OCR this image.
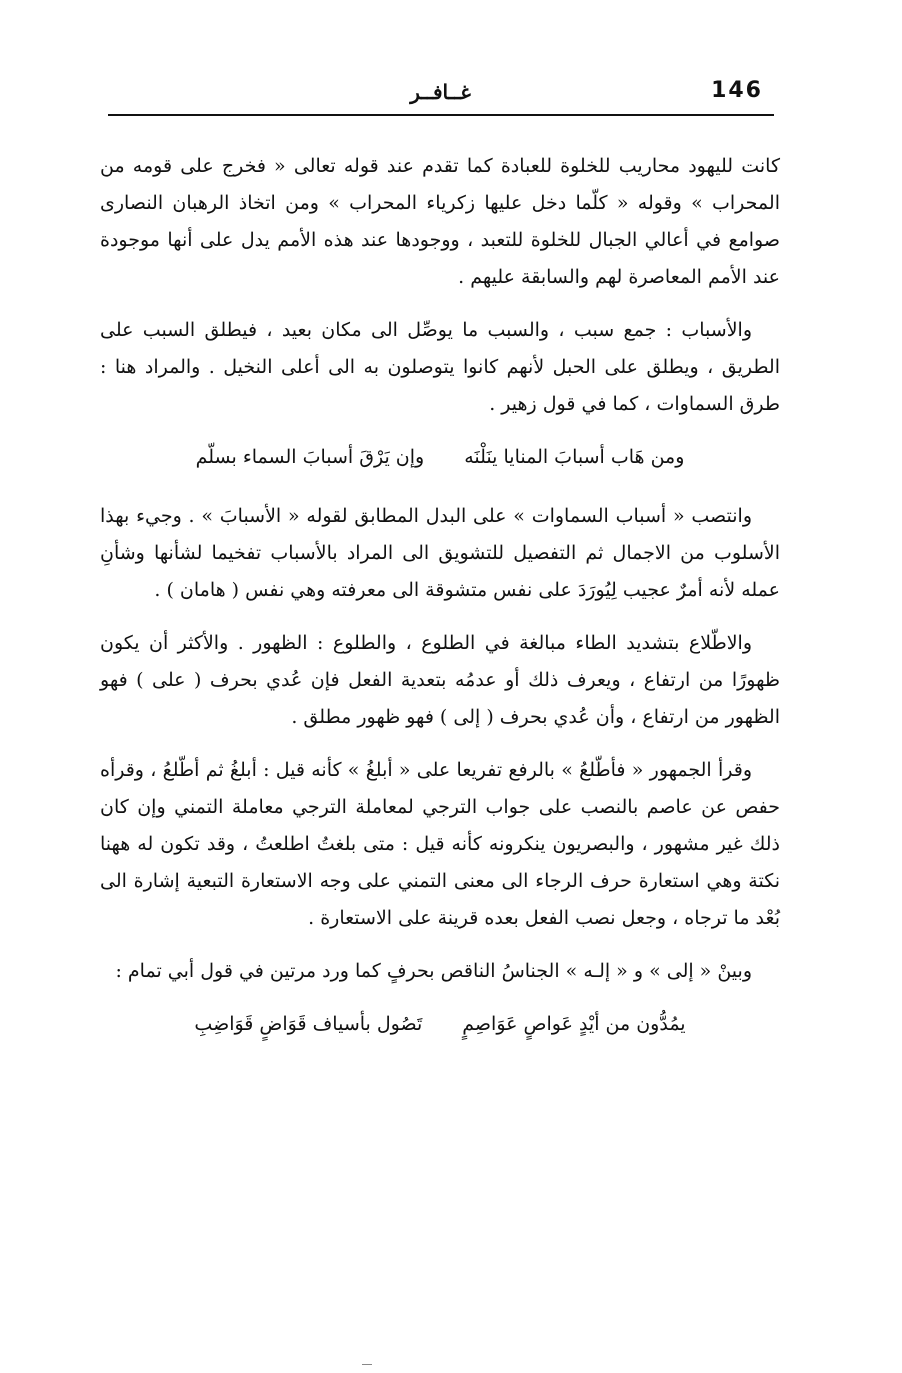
146
غــافــر

كانت لليهود محاريب للخلوة للعبادة كما تقدم عند قوله تعالى « فخرج على قومه من المحراب » وقوله « كلّما دخل عليها زكرياء المحراب » ومن اتخاذ الرهبان النصارى صوامع في أعالي الجبال للخلوة للتعبد ، ووجودها عند هذه الأمم يدل على أنها موجودة عند الأمم المعاصرة لهم والسابقة عليهم .

والأسباب : جمع سبب ، والسبب ما يوصِّل الى مكان بعيد ، فيطلق السبب على الطريق ، ويطلق على الحبل لأنهم كانوا يتوصلون به الى أعلى النخيل . والمراد هنا : طرق السماوات ، كما في قول زهير .

ومن هَاب أسبابَ المنايا ينَلْنَه
وإن يَرْقَ أسبابَ السماء بسلّم

وانتصب « أسباب السماوات » على البدل المطابق لقوله « الأسبابَ » . وجيء بهذا الأسلوب من الاجمال ثم التفصيل للتشويق الى المراد بالأسباب تفخيما لشأنها وشأنِ عمله لأنه أمرٌ عجيب لِيُورَدَ على نفس متشوقة الى معرفته وهي نفس ( هامان ) .

والاطّلاع بتشديد الطاء مبالغة في الطلوع ، والطلوع : الظهور . والأكثر أن يكون ظهورًا من ارتفاع ، ويعرف ذلك أو عدمُه بتعدية الفعل فإن عُدي بحرف ( على ) فهو الظهور من ارتفاع ، وأن عُدي بحرف ( إلى ) فهو ظهور مطلق .

وقرأ الجمهور « فأطّلعُ » بالرفع تفريعا على « أبلغُ » كأنه قيل : أبلغُ ثم أطّلعُ ، وقرأه حفص عن عاصم بالنصب على جواب الترجي لمعاملة الترجي معاملة التمني وإن كان ذلك غير مشهور ، والبصريون ينكرونه كأنه قيل : متى بلغتُ اطلعتُ ، وقد تكون له ههنا نكتة وهي استعارة حرف الرجاء الى معنى التمني على وجه الاستعارة التبعية إشارة الى بُعْد ما ترجاه ، وجعل نصب الفعل بعده قرينة على الاستعارة .

وبينْ « إلى » و « إلـه » الجناسُ الناقص بحرفٍ كما ورد مرتين في قول أبي تمام :

يمُدُّون من أيْدٍ عَواصٍ عَوَاصِمٍ
تَصُول بأسياف قَوَاضٍ قَوَاضِبِ
